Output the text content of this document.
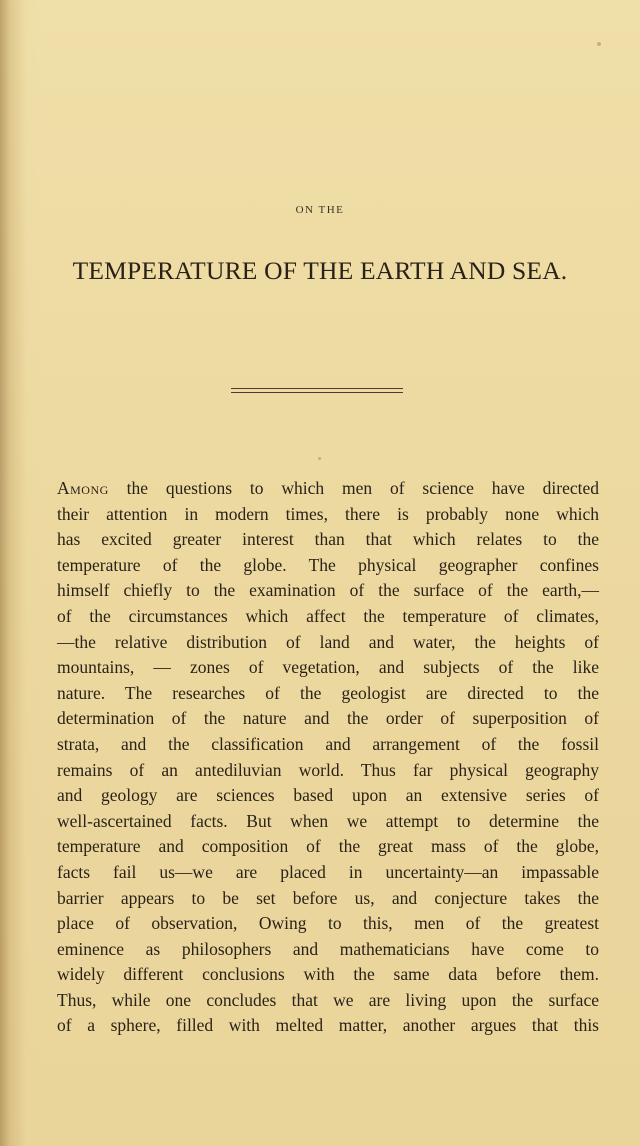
ON THE
TEMPERATURE OF THE EARTH AND SEA.
Among the questions to which men of science have directed
their attention in modern times, there is probably none which
has excited greater interest than that which relates to the
temperature of the globe. The physical geographer confines
himself chiefly to the examination of the surface of the earth,—
of the circumstances which affect the temperature of climates,
—the relative distribution of land and water, the heights of
mountains, — zones of vegetation, and subjects of the like
nature. The researches of the geologist are directed to the
determination of the nature and the order of superposition of
strata, and the classification and arrangement of the fossil
remains of an antediluvian world. Thus far physical geography
and geology are sciences based upon an extensive series of
well-ascertained facts. But when we attempt to determine the
temperature and composition of the great mass of the globe,
facts fail us—we are placed in uncertainty—an impassable
barrier appears to be set before us, and conjecture takes the
place of observation, Owing to this, men of the greatest
eminence as philosophers and mathematicians have come to
widely different conclusions with the same data before them.
Thus, while one concludes that we are living upon the surface
of a sphere, filled with melted matter, another argues that this
